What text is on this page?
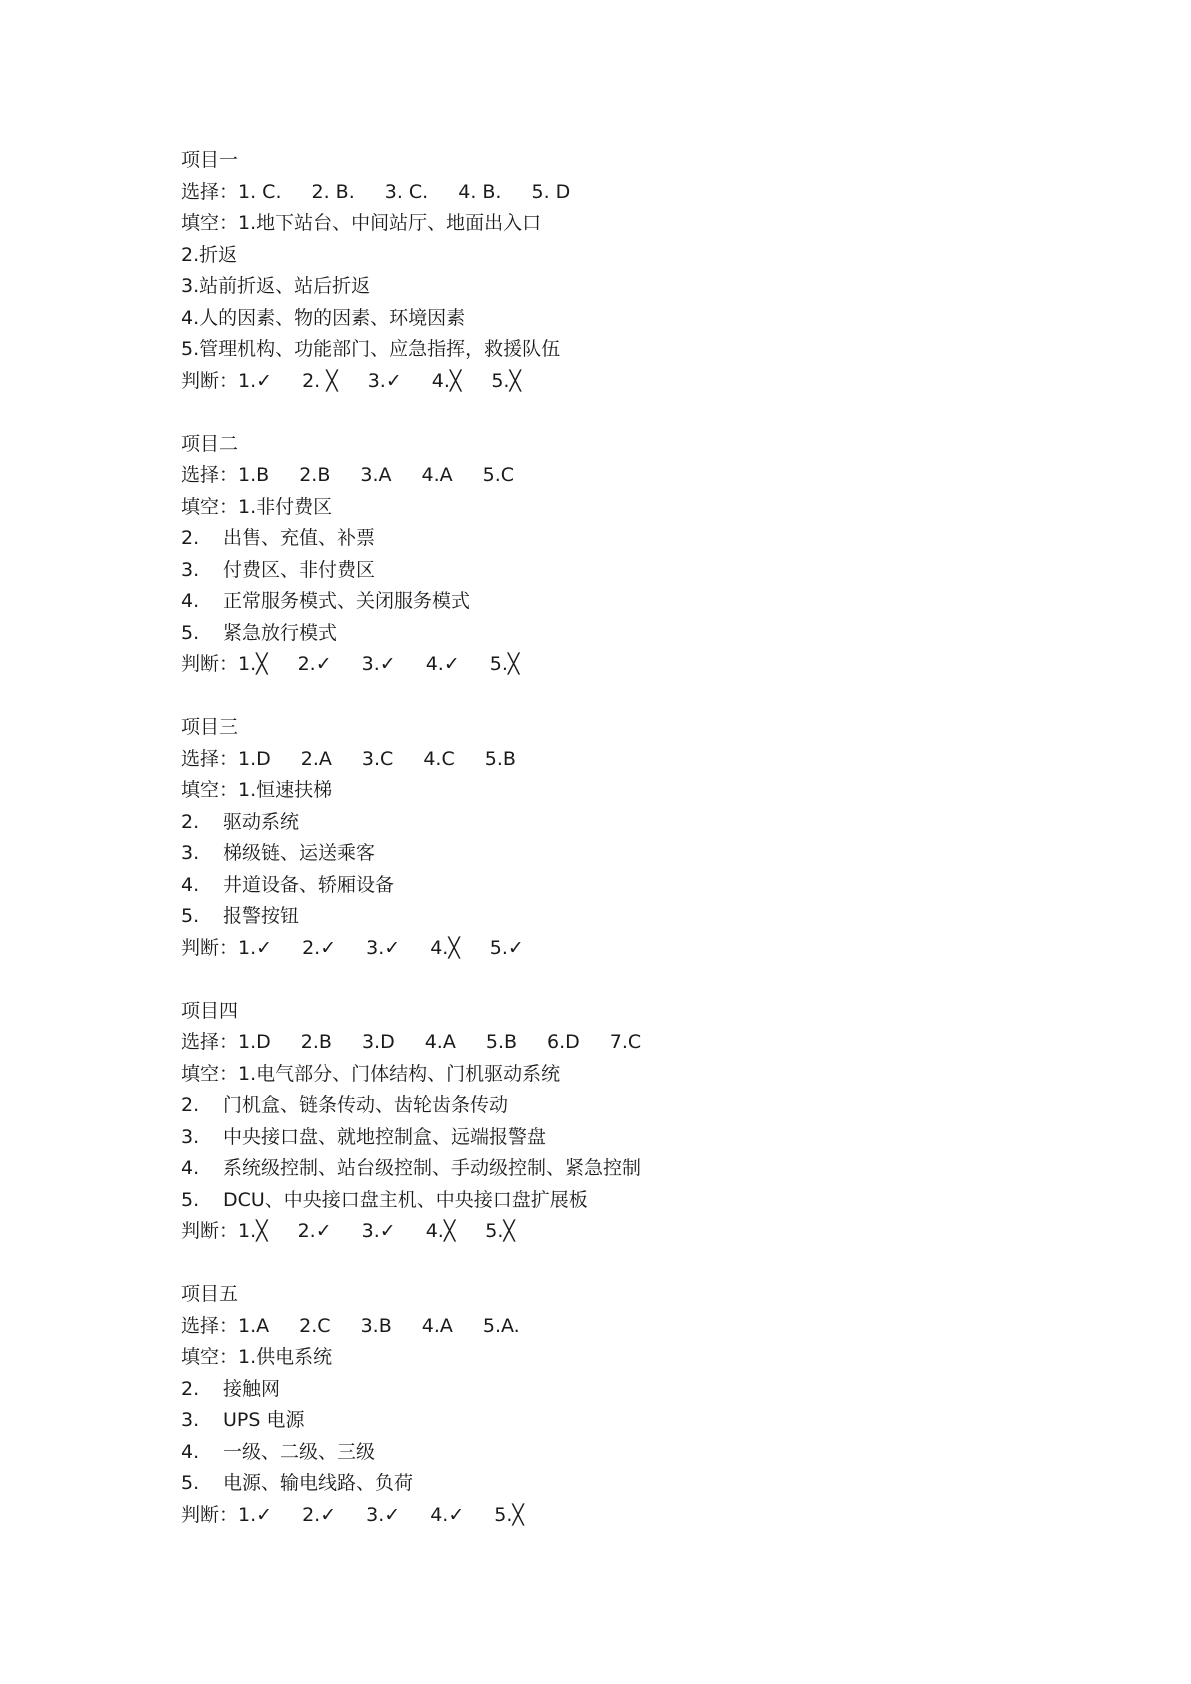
项目一
选择：1. C. 2. B. 3. C. 4. B. 5. D
填空：1.地下站台、中间站厅、地面出入口
2.折返
3.站前折返、站后折返
4.人的因素、物的因素、环境因素
5.管理机构、功能部门、应急指挥，救援队伍
判断：1.✓ 2. ╳ 3.✓ 4.╳ 5.╳
项目二
选择：1.B 2.B 3.A 4.A 5.C
填空：1.非付费区
2. 出售、充值、补票
3. 付费区、非付费区
4. 正常服务模式、关闭服务模式
5. 紧急放行模式
判断：1.╳ 2.✓ 3.✓ 4.✓ 5.╳
项目三
选择：1.D 2.A 3.C 4.C 5.B
填空：1.恒速扶梯
2. 驱动系统
3. 梯级链、运送乘客
4. 井道设备、轿厢设备
5. 报警按钮
判断：1.✓ 2.✓ 3.✓ 4.╳ 5.✓
项目四
选择：1.D 2.B 3.D 4.A 5.B 6.D 7.C
填空：1.电气部分、门体结构、门机驱动系统
2. 门机盒、链条传动、齿轮齿条传动
3. 中央接口盘、就地控制盒、远端报警盘
4. 系统级控制、站台级控制、手动级控制、紧急控制
5. DCU、中央接口盘主机、中央接口盘扩展板
判断：1.╳ 2.✓ 3.✓ 4.╳ 5.╳
项目五
选择：1.A 2.C 3.B 4.A 5.A.
填空：1.供电系统
2. 接触网
3. UPS 电源
4. 一级、二级、三级
5. 电源、输电线路、负荷
判断：1.✓ 2.✓ 3.✓ 4.✓ 5.╳
